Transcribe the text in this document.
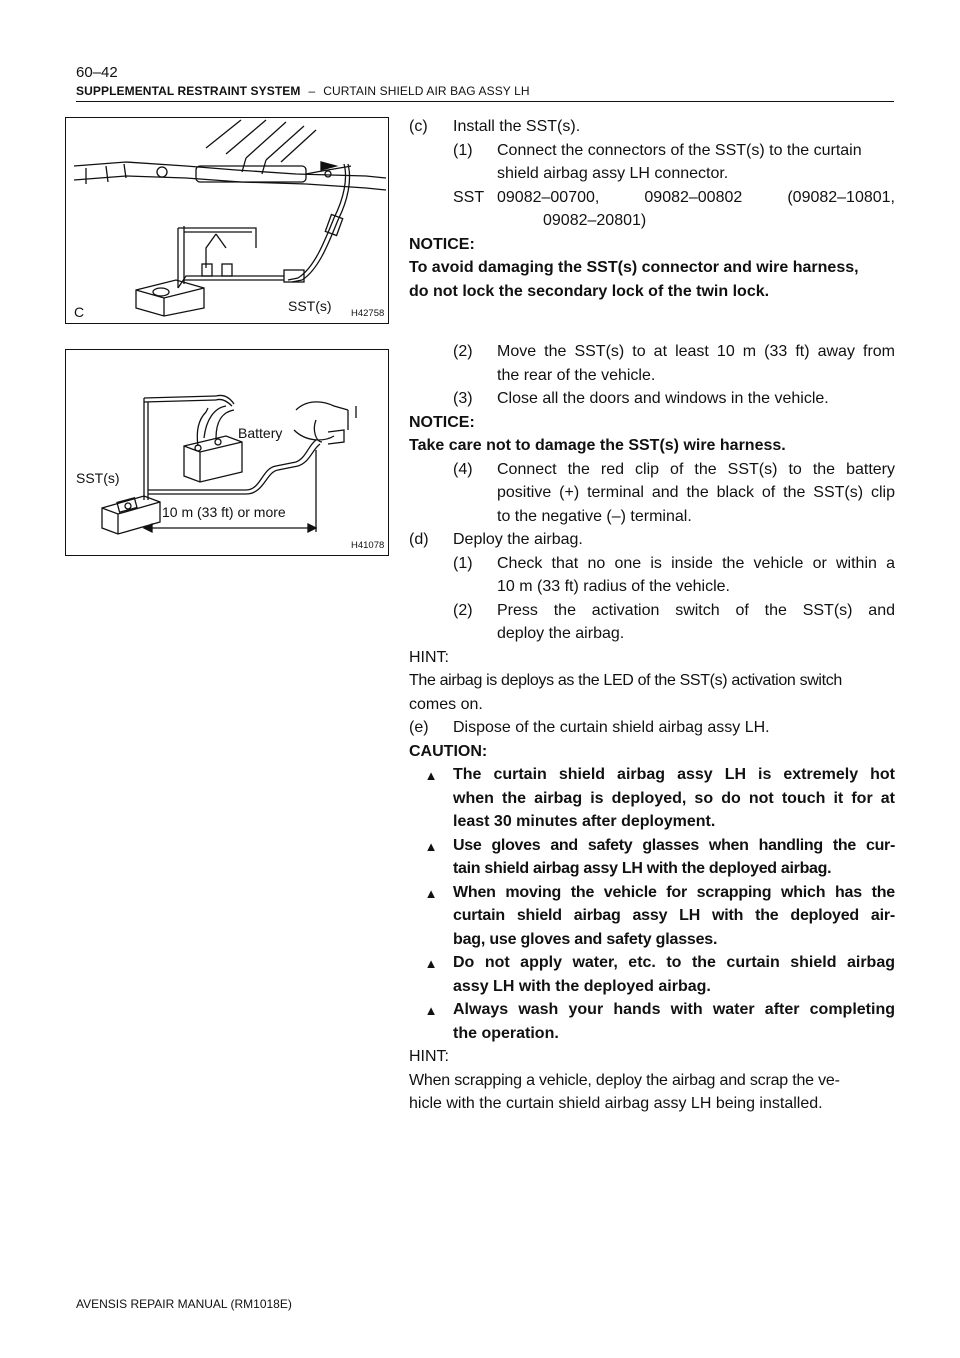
60–42
SUPPLEMENTAL RESTRAINT SYSTEM – CURTAIN SHIELD AIR BAG ASSY LH
C	SST(s) H42758
SST(s)
Battery
10 m (33 ft) or more
H41078
(c)	Install the SST(s).
(1)	Connect the connectors of the SST(s) to the curtain
shield airbag assy LH connector.
SST 09082–00700, 09082–00802 (09082–10801,
09082–20801)
NOTICE:
To avoid damaging the SST(s) connector and wire harness,
do not lock the secondary lock of the twin lock.
(2)	Move the SST(s) to at least 10 m (33 ft) away from
the rear of the vehicle.
(3)	Close all the doors and windows in the vehicle.
NOTICE:
Take care not to damage the SST(s) wire harness.
(4)	Connect the red clip of the SST(s) to the battery
positive (+) terminal and the black of the SST(s) clip
to the negative (–) terminal.
(d)	Deploy the airbag.
(1)	Check that no one is inside the vehicle or within a
10 m (33 ft) radius of the vehicle.
(2)	Press the activation switch of the SST(s) and
deploy the airbag.
HINT:
The airbag is deploys as the LED of the SST(s) activation switch
comes on.
(e)	Dispose of the curtain shield airbag assy LH.
CAUTION:
▲ The curtain shield airbag assy LH is extremely hot
when the airbag is deployed, so do not touch it for at
least 30 minutes after deployment.
▲ Use gloves and safety glasses when handling the cur-
tain shield airbag assy LH with the deployed airbag.
▲ When moving the vehicle for scrapping which has the
curtain shield airbag assy LH with the deployed air-
bag, use gloves and safety glasses.
▲ Do not apply water, etc. to the curtain shield airbag
assy LH with the deployed airbag.
▲ Always wash your hands with water after completing
the operation.
HINT:
When scrapping a vehicle, deploy the airbag and scrap the ve-
hicle with the curtain shield airbag assy LH being installed.
AVENSIS REPAIR MANUAL (RM1018E)
